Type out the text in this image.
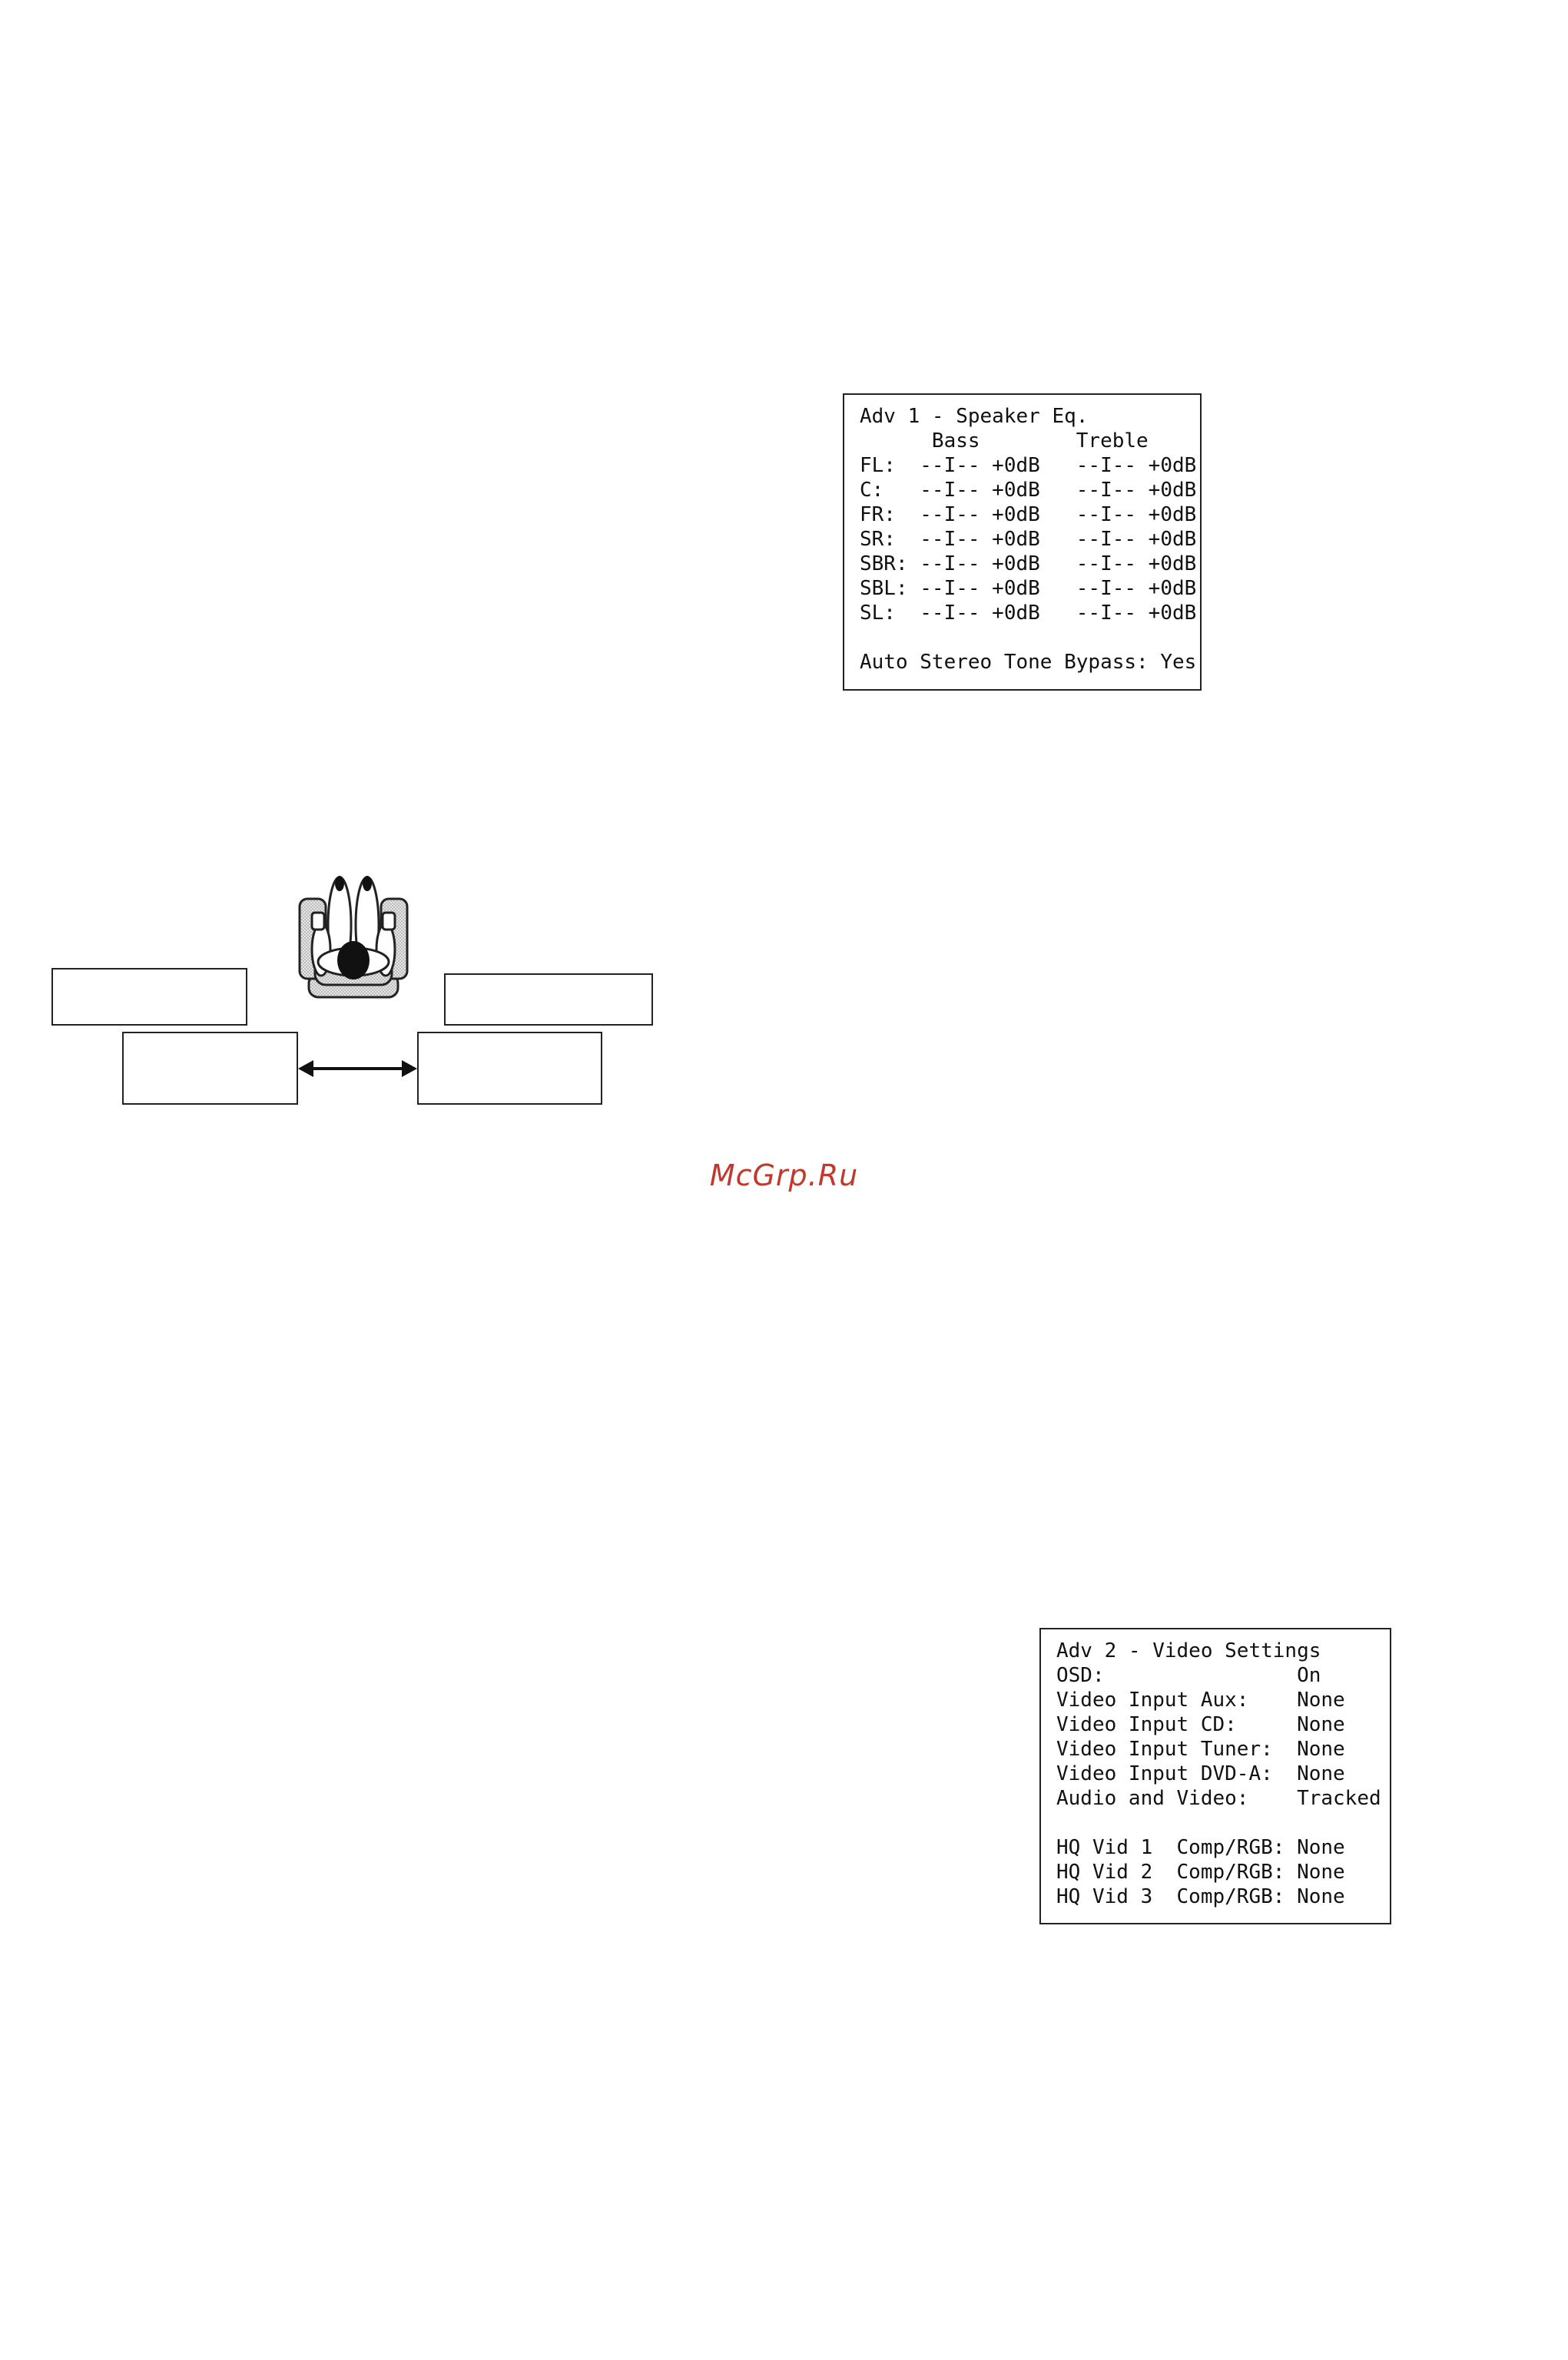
Adv 1 - Speaker Eq.
Bass        Treble
FL:  --I-- +0dB   --I-- +0dB
C:   --I-- +0dB   --I-- +0dB
FR:  --I-- +0dB   --I-- +0dB
SR:  --I-- +0dB   --I-- +0dB
SBR: --I-- +0dB   --I-- +0dB
SBL: --I-- +0dB   --I-- +0dB
SL:  --I-- +0dB   --I-- +0dB
Auto Stereo Tone Bypass: Yes
McGrp.Ru
Adv 2 - Video Settings
OSD:                On
Video Input Aux:    None
Video Input CD:     None
Video Input Tuner:  None
Video Input DVD-A:  None
Audio and Video:    Tracked
HQ Vid 1  Comp/RGB: None
HQ Vid 2  Comp/RGB: None
HQ Vid 3  Comp/RGB: None
